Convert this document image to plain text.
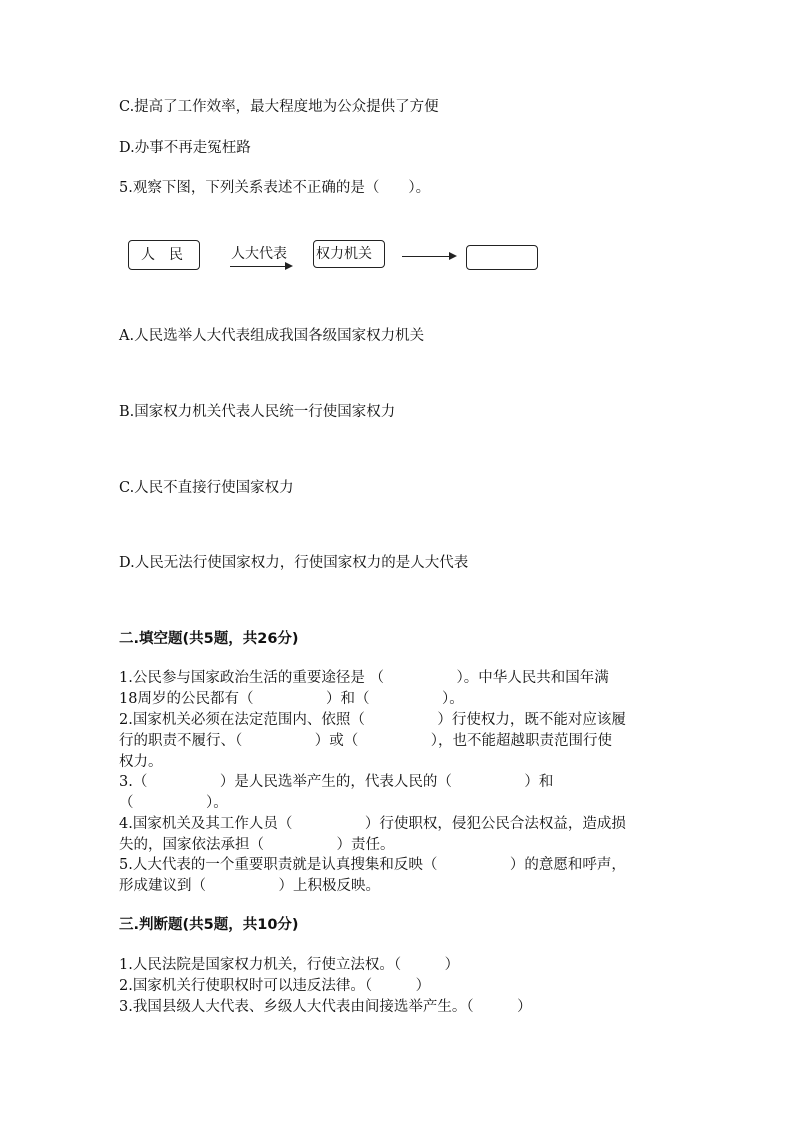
C.提高了工作效率，最大程度地为公众提供了方便
D.办事不再走冤枉路
5.观察下图，下列关系表述不正确的是（　　）。
人　民	人大代表 权力机关
A.人民选举人大代表组成我国各级国家权力机关
B.国家权力机关代表人民统一行使国家权力
C.人民不直接行使国家权力
D.人民无法行使国家权力，行使国家权力的是人大代表
二.填空题(共5题，共26分)
1.公民参与国家政治生活的重要途径是 （　　　　　）。中华人民共和国年满
18周岁的公民都有（　　　　　）和（　　　　　）。
2.国家机关必须在法定范围内、依照（　　　　　）行使权力，既不能对应该履
行的职责不履行、（　　　　　）或（　　　　　），也不能超越职责范围行使
权力。
3.（　　　　　）是人民选举产生的，代表人民的（　　　　　）和
（　　　　　）。
4.国家机关及其工作人员（　　　　　）行使职权，侵犯公民合法权益，造成损
失的，国家依法承担（　　　　　）责任。
5.人大代表的一个重要职责就是认真搜集和反映（　　　　　）的意愿和呼声，
形成建议到（　　　　　）上积极反映。
三.判断题(共5题，共10分)
1.人民法院是国家权力机关，行使立法权。（　　　）
2.国家机关行使职权时可以违反法律。（　　　）
3.我国县级人大代表、乡级人大代表由间接选举产生。（　　　）
